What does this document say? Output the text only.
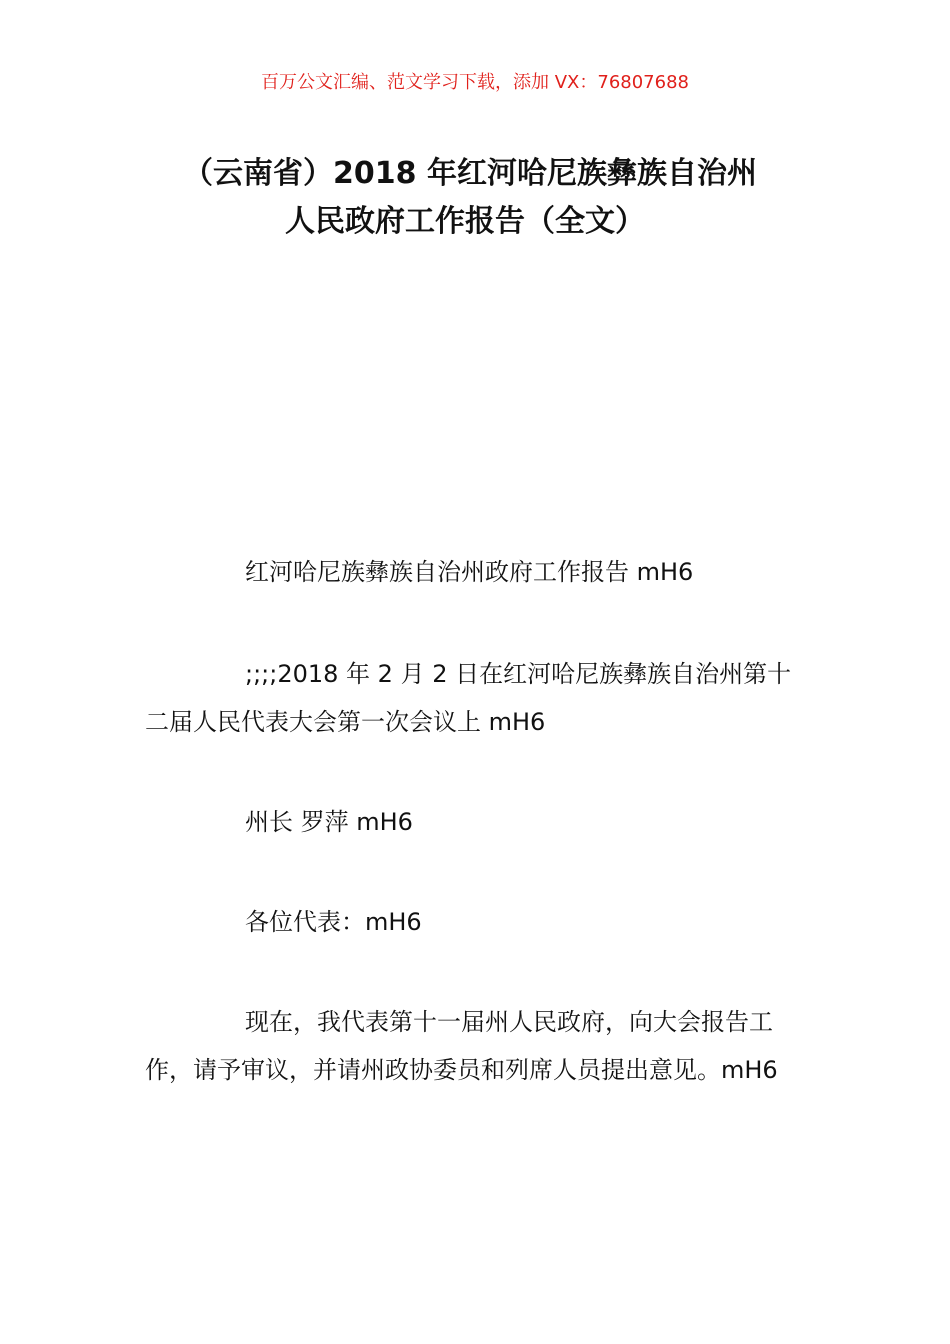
百万公文汇编、范文学习下载，添加 VX：76807688
（云南省）2018 年红河哈尼族彝族自治州
人民政府工作报告（全文）
红河哈尼族彝族自治州政府工作报告 mH6
;;;;2018 年 2 月 2 日在红河哈尼族彝族自治州第十二届人民代表大会第一次会议上 mH6
州长 罗萍 mH6
各位代表：mH6
现在，我代表第十一届州人民政府，向大会报告工作，请予审议，并请州政协委员和列席人员提出意见。mH6
